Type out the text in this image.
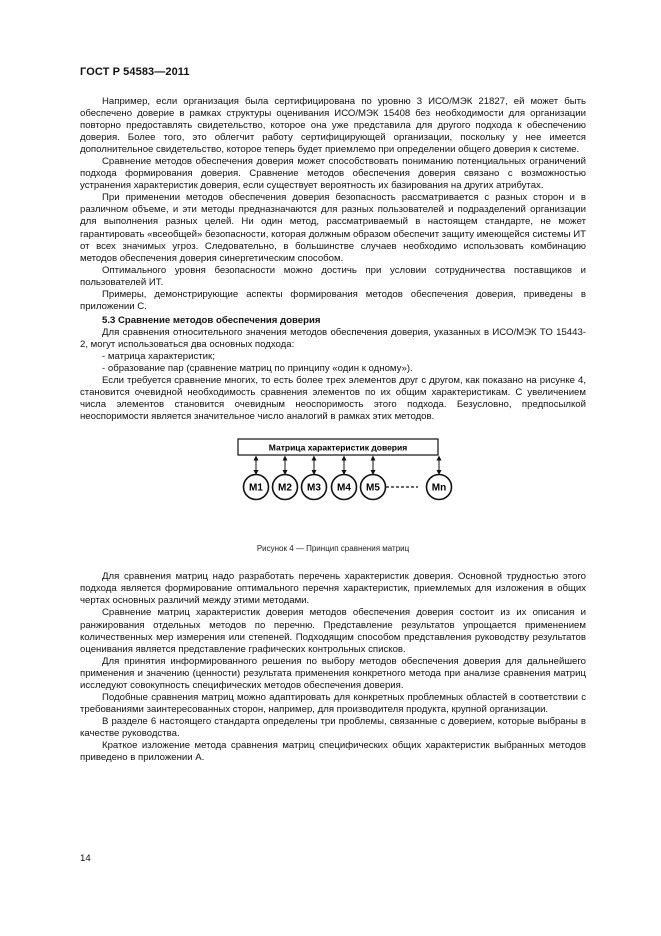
ГОСТ Р 54583—2011

Например, если организация была сертифицирована по уровню 3 ИСО/МЭК 21827, ей может быть обеспечено доверие в рамках структуры оценивания ИСО/МЭК 15408 без необходимости для организации повторно предоставлять свидетельство, которое она уже представила для другого подхода к обеспечению доверия. Более того, это облегчит работу сертифицирующей организации, поскольку у нее имеется дополнительное свидетельство, которое теперь будет приемлемо при определении общего доверия к системе.

Сравнение методов обеспечения доверия может способствовать пониманию потенциальных ограничений подхода формирования доверия. Сравнение методов обеспечения доверия связано с возможностью устранения характеристик доверия, если существует вероятность их базирования на других атрибутах.

При применении методов обеспечения доверия безопасность рассматривается с разных сторон и в различном объеме, и эти методы предназначаются для разных пользователей и подразделений организации для выполнения разных целей. Ни один метод, рассматриваемый в настоящем стандарте, не может гарантировать «всеобщей» безопасности, которая должным образом обеспечит защиту имеющейся системы ИТ от всех значимых угроз. Следовательно, в большинстве случаев необходимо использовать комбинацию методов обеспечения доверия синергетическим способом.

Оптимального уровня безопасности можно достичь при условии сотрудничества поставщиков и пользователей ИТ.

Примеры, демонстрирующие аспекты формирования методов обеспечения доверия, приведены в приложении С.

5.3 Сравнение методов обеспечения доверия

Для сравнения относительного значения методов обеспечения доверия, указанных в ИСО/МЭК ТО 15443-2, могут использоваться два основных подхода:

- матрица характеристик;

- образование пар (сравнение матриц по принципу «один к одному»).

Если требуется сравнение многих, то есть более трех элементов друг с другом, как показано на рисунке 4, становится очевидной необходимость сравнения элементов по их общим характеристикам. С увеличением числа элементов становится очевидным неоспоримость этого подхода. Безусловно, предпосылкой неоспоримости является значительное число аналогий в рамках этих методов.

Матрица характеристик доверия
M1 M2 M3 M4 M5	Mn
Рисунок 4 — Принцип сравнения матриц

Для сравнения матриц надо разработать перечень характеристик доверия. Основной трудностью этого подхода является формирование оптимального перечня характеристик, приемлемых для изложения в общих чертах основных различий между этими методами.

Сравнение матриц характеристик доверия методов обеспечения доверия состоит из их описания и ранжирования отдельных методов по перечню. Представление результатов упрощается применением количественных мер измерения или степеней. Подходящим способом представления руководству результатов оценивания является представление графических контрольных списков.

Для принятия информированного решения по выбору методов обеспечения доверия для дальнейшего применения и значению (ценности) результата применения конкретного метода при анализе сравнения матриц исследуют совокупность специфических методов обеспечения доверия.

Подобные сравнения матриц можно адаптировать для конкретных проблемных областей в соответствии с требованиями заинтересованных сторон, например, для производителя продукта, крупной организации.

В разделе 6 настоящего стандарта определены три проблемы, связанные с доверием, которые выбраны в качестве руководства.

Краткое изложение метода сравнения матриц специфических общих характеристик выбранных методов приведено в приложении А.

14
